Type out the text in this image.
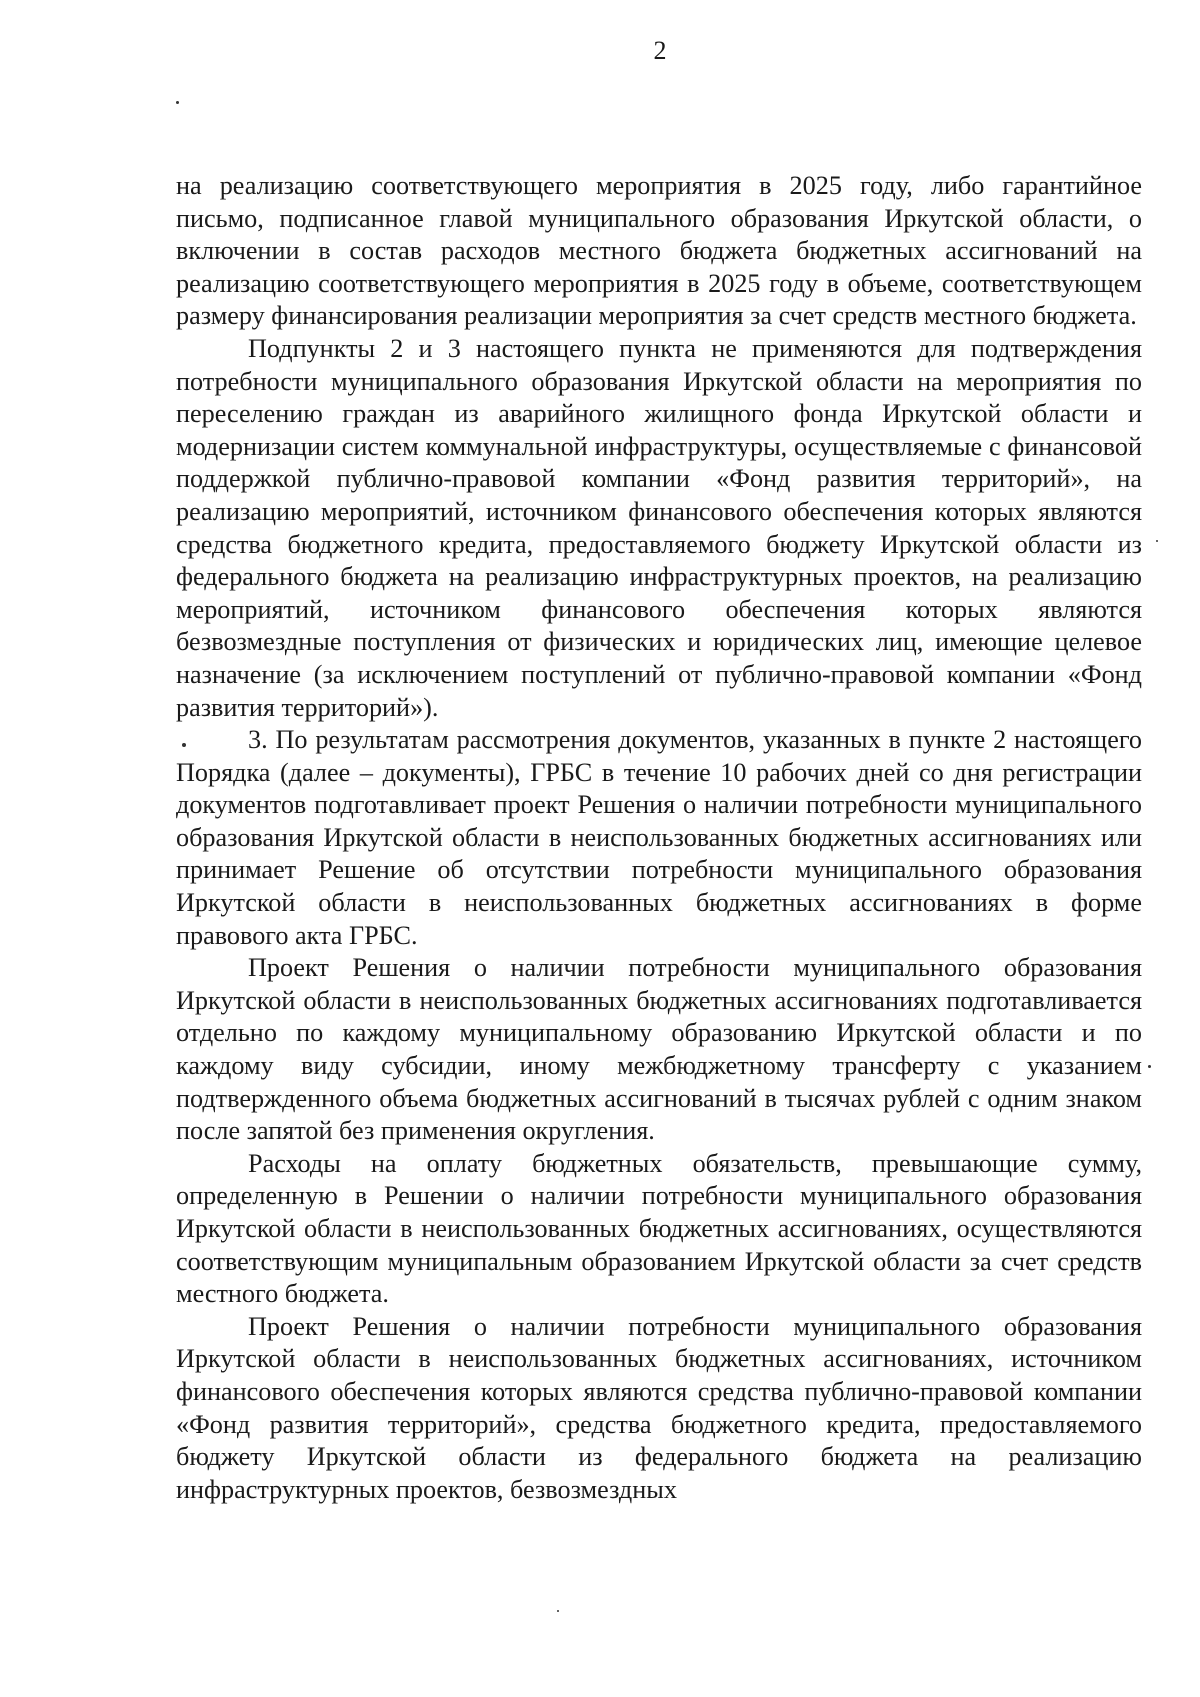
2

на реализацию соответствующего мероприятия в 2025 году, либо гарантийное письмо, подписанное главой муниципального образования Иркутской области, о включении в состав расходов местного бюджета бюджетных ассигнований на реализацию соответствующего мероприятия в 2025 году в объеме, соответствующем размеру финансирования реализации мероприятия за счет средств местного бюджета.

Подпункты 2 и 3 настоящего пункта не применяются для подтверждения потребности муниципального образования Иркутской области на мероприятия по переселению граждан из аварийного жилищного фонда Иркутской области и модернизации систем коммунальной инфраструктуры, осуществляемые с финансовой поддержкой публично-правовой компании «Фонд развития территорий», на реализацию мероприятий, источником финансового обеспечения которых являются средства бюджетного кредита, предоставляемого бюджету Иркутской области из федерального бюджета на реализацию инфраструктурных проектов, на реализацию мероприятий, источником финансового обеспечения которых являются безвозмездные поступления от физических и юридических лиц, имеющие целевое назначение (за исключением поступлений от публично-правовой компании «Фонд развития территорий»).

3. По результатам рассмотрения документов, указанных в пункте 2 настоящего Порядка (далее – документы), ГРБС в течение 10 рабочих дней со дня регистрации документов подготавливает проект Решения о наличии потребности муниципального образования Иркутской области в неиспользованных бюджетных ассигнованиях или принимает Решение об отсутствии потребности муниципального образования Иркутской области в неиспользованных бюджетных ассигнованиях в форме правового акта ГРБС.

Проект Решения о наличии потребности муниципального образования Иркутской области в неиспользованных бюджетных ассигнованиях подготавливается отдельно по каждому муниципальному образованию Иркутской области и по каждому виду субсидии, иному межбюджетному трансферту с указанием подтвержденного объема бюджетных ассигнований в тысячах рублей с одним знаком после запятой без применения округления.

Расходы на оплату бюджетных обязательств, превышающие сумму, определенную в Решении о наличии потребности муниципального образования Иркутской области в неиспользованных бюджетных ассигнованиях, осуществляются соответствующим муниципальным образованием Иркутской области за счет средств местного бюджета.

Проект Решения о наличии потребности муниципального образования Иркутской области в неиспользованных бюджетных ассигнованиях, источником финансового обеспечения которых являются средства публично-правовой компании «Фонд развития территорий», средства бюджетного кредита, предоставляемого бюджету Иркутской области из федерального бюджета на реализацию инфраструктурных проектов, безвозмездных
